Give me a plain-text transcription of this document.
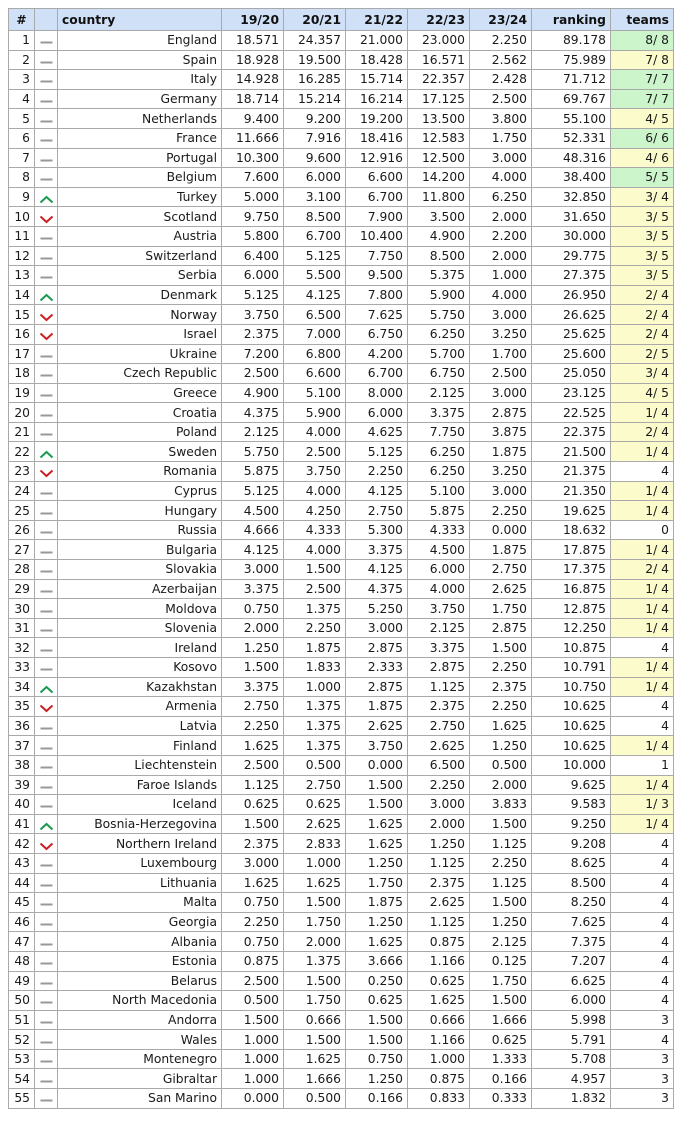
#		country	19/20	20/21	21/22	22/23	23/24	ranking	teams
1		England	18.571	24.357	21.000	23.000	2.250	89.178	8/ 8
2		Spain	18.928	19.500	18.428	16.571	2.562	75.989	7/ 8
3		Italy	14.928	16.285	15.714	22.357	2.428	71.712	7/ 7
4		Germany	18.714	15.214	16.214	17.125	2.500	69.767	7/ 7
5		Netherlands	9.400	9.200	19.200	13.500	3.800	55.100	4/ 5
6		France	11.666	7.916	18.416	12.583	1.750	52.331	6/ 6
7		Portugal	10.300	9.600	12.916	12.500	3.000	48.316	4/ 6
8		Belgium	7.600	6.000	6.600	14.200	4.000	38.400	5/ 5
9		Turkey	5.000	3.100	6.700	11.800	6.250	32.850	3/ 4
10		Scotland	9.750	8.500	7.900	3.500	2.000	31.650	3/ 5
11		Austria	5.800	6.700	10.400	4.900	2.200	30.000	3/ 5
12		Switzerland	6.400	5.125	7.750	8.500	2.000	29.775	3/ 5
13		Serbia	6.000	5.500	9.500	5.375	1.000	27.375	3/ 5
14		Denmark	5.125	4.125	7.800	5.900	4.000	26.950	2/ 4
15		Norway	3.750	6.500	7.625	5.750	3.000	26.625	2/ 4
16		Israel	2.375	7.000	6.750	6.250	3.250	25.625	2/ 4
17		Ukraine	7.200	6.800	4.200	5.700	1.700	25.600	2/ 5
18		Czech Republic	2.500	6.600	6.700	6.750	2.500	25.050	3/ 4
19		Greece	4.900	5.100	8.000	2.125	3.000	23.125	4/ 5
20		Croatia	4.375	5.900	6.000	3.375	2.875	22.525	1/ 4
21		Poland	2.125	4.000	4.625	7.750	3.875	22.375	2/ 4
22		Sweden	5.750	2.500	5.125	6.250	1.875	21.500	1/ 4
23		Romania	5.875	3.750	2.250	6.250	3.250	21.375	4
24		Cyprus	5.125	4.000	4.125	5.100	3.000	21.350	1/ 4
25		Hungary	4.500	4.250	2.750	5.875	2.250	19.625	1/ 4
26		Russia	4.666	4.333	5.300	4.333	0.000	18.632	0
27		Bulgaria	4.125	4.000	3.375	4.500	1.875	17.875	1/ 4
28		Slovakia	3.000	1.500	4.125	6.000	2.750	17.375	2/ 4
29		Azerbaijan	3.375	2.500	4.375	4.000	2.625	16.875	1/ 4
30		Moldova	0.750	1.375	5.250	3.750	1.750	12.875	1/ 4
31		Slovenia	2.000	2.250	3.000	2.125	2.875	12.250	1/ 4
32		Ireland	1.250	1.875	2.875	3.375	1.500	10.875	4
33		Kosovo	1.500	1.833	2.333	2.875	2.250	10.791	1/ 4
34		Kazakhstan	3.375	1.000	2.875	1.125	2.375	10.750	1/ 4
35		Armenia	2.750	1.375	1.875	2.375	2.250	10.625	4
36		Latvia	2.250	1.375	2.625	2.750	1.625	10.625	4
37		Finland	1.625	1.375	3.750	2.625	1.250	10.625	1/ 4
38		Liechtenstein	2.500	0.500	0.000	6.500	0.500	10.000	1
39		Faroe Islands	1.125	2.750	1.500	2.250	2.000	9.625	1/ 4
40		Iceland	0.625	0.625	1.500	3.000	3.833	9.583	1/ 3
41		Bosnia-Herzegovina	1.500	2.625	1.625	2.000	1.500	9.250	1/ 4
42		Northern Ireland	2.375	2.833	1.625	1.250	1.125	9.208	4
43		Luxembourg	3.000	1.000	1.250	1.125	2.250	8.625	4
44		Lithuania	1.625	1.625	1.750	2.375	1.125	8.500	4
45		Malta	0.750	1.500	1.875	2.625	1.500	8.250	4
46		Georgia	2.250	1.750	1.250	1.125	1.250	7.625	4
47		Albania	0.750	2.000	1.625	0.875	2.125	7.375	4
48		Estonia	0.875	1.375	3.666	1.166	0.125	7.207	4
49		Belarus	2.500	1.500	0.250	0.625	1.750	6.625	4
50		North Macedonia	0.500	1.750	0.625	1.625	1.500	6.000	4
51		Andorra	1.500	0.666	1.500	0.666	1.666	5.998	3
52		Wales	1.000	1.500	1.500	1.166	0.625	5.791	4
53		Montenegro	1.000	1.625	0.750	1.000	1.333	5.708	3
54		Gibraltar	1.000	1.666	1.250	0.875	0.166	4.957	3
55		San Marino	0.000	0.500	0.166	0.833	0.333	1.832	3
